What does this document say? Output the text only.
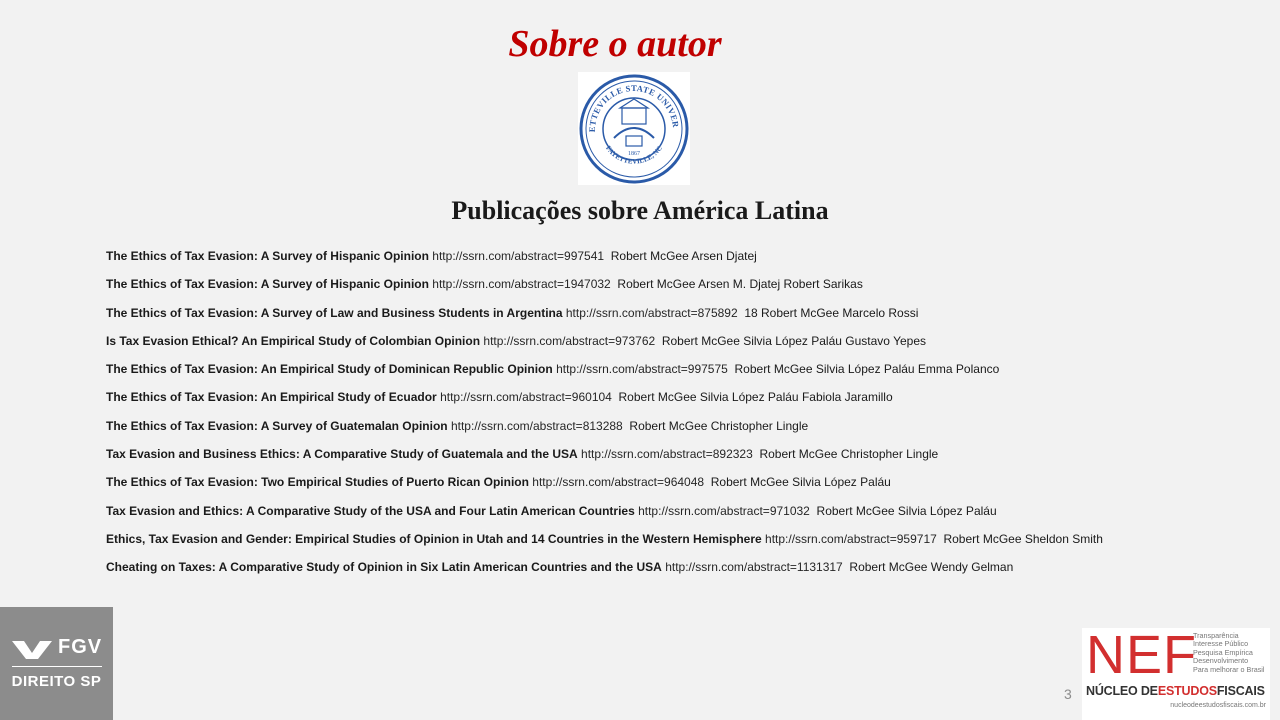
Sobre o autor
ETTEVILLE STATE UNIVER
FAYETTEVILLE, NC
1867
Publicações sobre América Latina
The Ethics of Tax Evasion: A Survey of Hispanic Opinion http://ssrn.com/abstract=997541 Robert McGee Arsen Djatej
The Ethics of Tax Evasion: A Survey of Hispanic Opinion http://ssrn.com/abstract=1947032 Robert McGee Arsen M. Djatej Robert Sarikas
The Ethics of Tax Evasion: A Survey of Law and Business Students in Argentina http://ssrn.com/abstract=875892 18 Robert McGee Marcelo Rossi
Is Tax Evasion Ethical? An Empirical Study of Colombian Opinion http://ssrn.com/abstract=973762 Robert McGee Silvia López Paláu Gustavo Yepes
The Ethics of Tax Evasion: An Empirical Study of Dominican Republic Opinion http://ssrn.com/abstract=997575 Robert McGee Silvia López Paláu Emma Polanco
The Ethics of Tax Evasion: An Empirical Study of Ecuador http://ssrn.com/abstract=960104 Robert McGee Silvia López Paláu Fabiola Jaramillo
The Ethics of Tax Evasion: A Survey of Guatemalan Opinion http://ssrn.com/abstract=813288 Robert McGee Christopher Lingle
Tax Evasion and Business Ethics: A Comparative Study of Guatemala and the USA http://ssrn.com/abstract=892323 Robert McGee Christopher Lingle
The Ethics of Tax Evasion: Two Empirical Studies of Puerto Rican Opinion http://ssrn.com/abstract=964048 Robert McGee Silvia López Paláu
Tax Evasion and Ethics: A Comparative Study of the USA and Four Latin American Countries http://ssrn.com/abstract=971032 Robert McGee Silvia López Paláu
Ethics, Tax Evasion and Gender: Empirical Studies of Opinion in Utah and 14 Countries in the Western Hemisphere http://ssrn.com/abstract=959717 Robert McGee Sheldon Smith
Cheating on Taxes: A Comparative Study of Opinion in Six Latin American Countries and the USA http://ssrn.com/abstract=1131317 Robert McGee Wendy Gelman
FGV
DIREITO SP
3
NEF
Transparência
Interesse Público
Pesquisa Empírica
Desenvolvimento
Para melhorar o Brasil
NÚCLEO DEESTUDOSFISCAIS
nucleodeestudosfiscais.com.br
